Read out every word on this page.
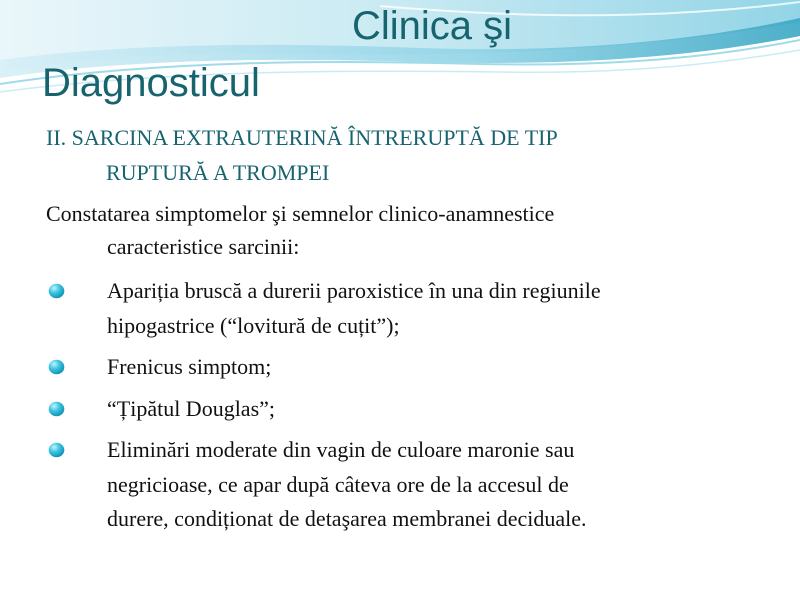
Clinica şi
Diagnosticul
II. SARCINA EXTRAUTERINĂ ÎNTRERUPTĂ DE TIP
RUPTURĂ A TROMPEI
Constatarea simptomelor şi semnelor clinico-anamnestice
caracteristice sarcinii:
Apariția bruscă a durerii paroxistice în una din regiunile
hipogastrice (“lovitură de cuțit”);
Frenicus simptom;
“Țipătul Douglas”;
Eliminări moderate din vagin de culoare maronie sau
negricioase, ce apar după câteva ore de la accesul de
durere, condiționat de detaşarea membranei deciduale.
